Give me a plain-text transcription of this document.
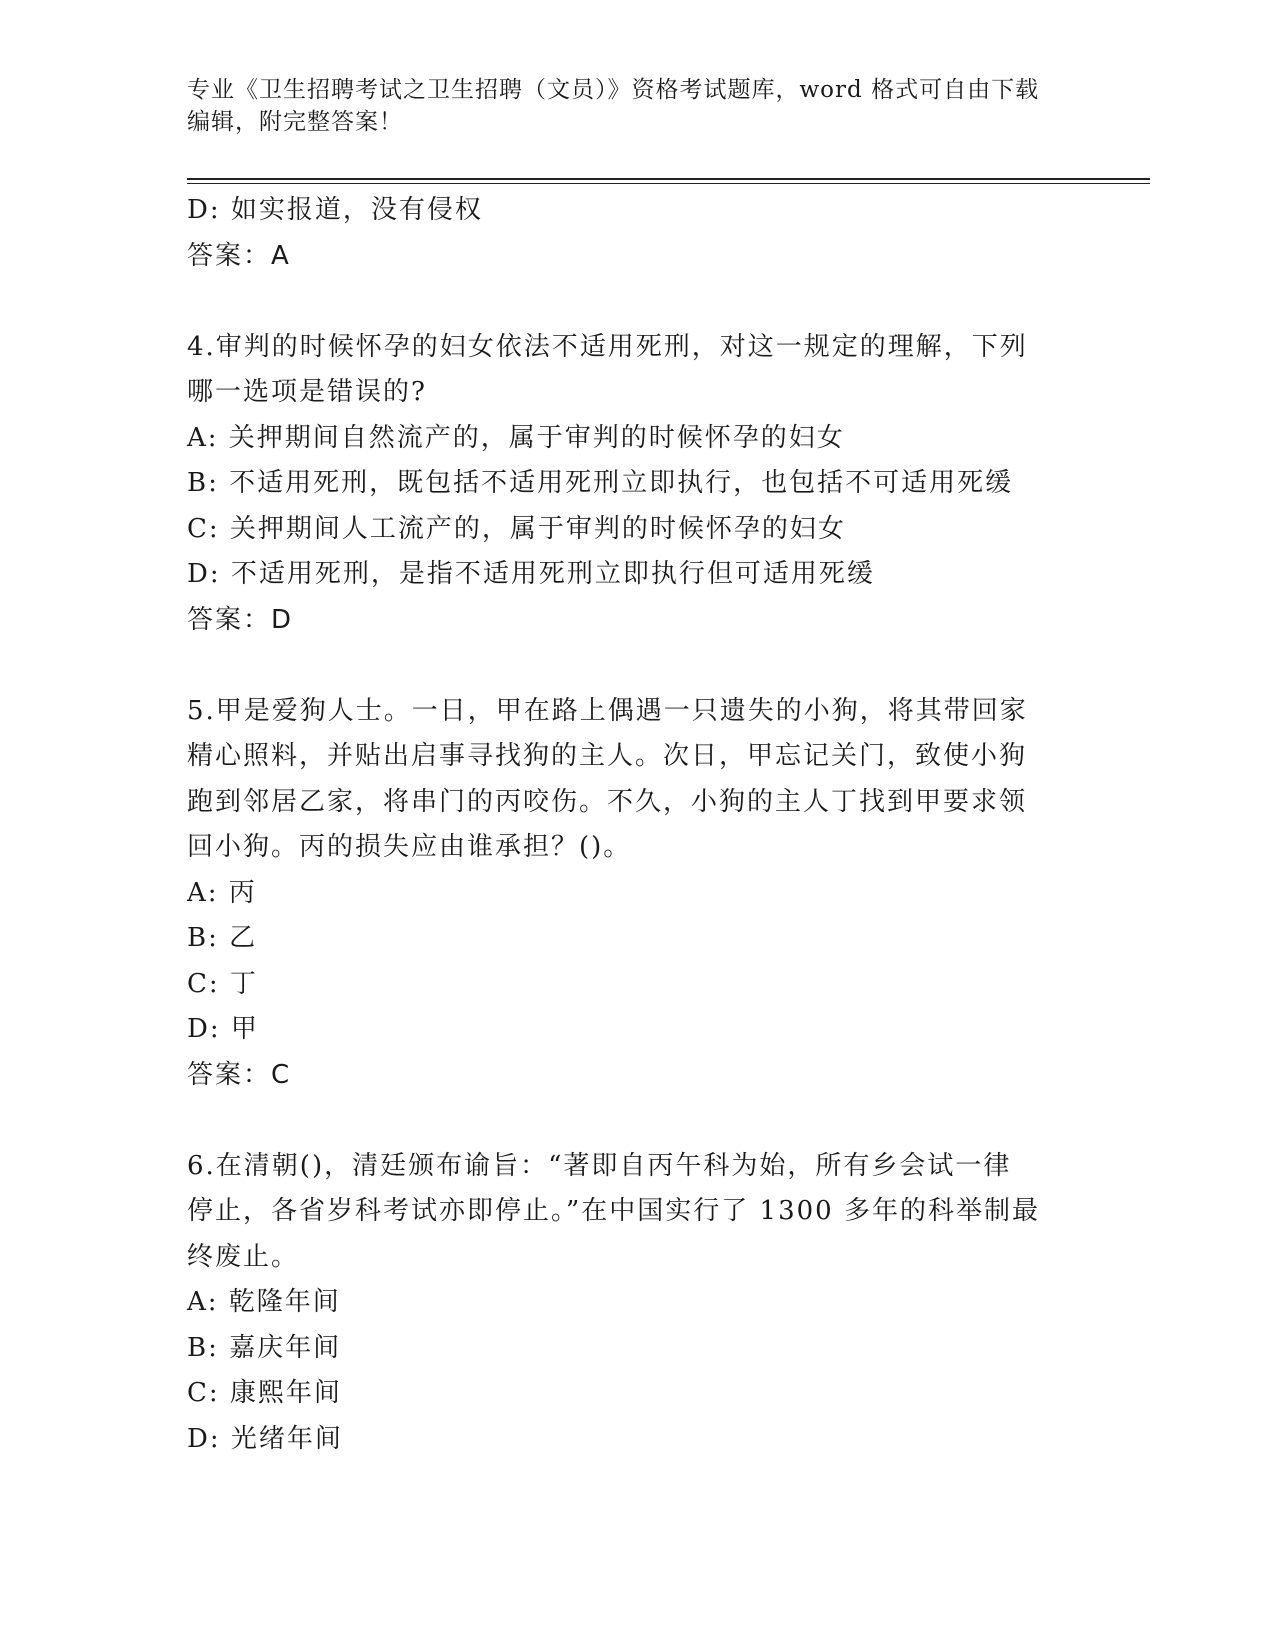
专业《卫生招聘考试之卫生招聘（文员）》资格考试题库，word 格式可自由下载
编辑，附完整答案！
D: 如实报道，没有侵权
答案：A
4.审判的时候怀孕的妇女依法不适用死刑，对这一规定的理解，下列
哪一选项是错误的?
A: 关押期间自然流产的，属于审判的时候怀孕的妇女
B: 不适用死刑，既包括不适用死刑立即执行，也包括不可适用死缓
C: 关押期间人工流产的，属于审判的时候怀孕的妇女
D: 不适用死刑，是指不适用死刑立即执行但可适用死缓
答案：D
5.甲是爱狗人士。一日，甲在路上偶遇一只遗失的小狗，将其带回家
精心照料，并贴出启事寻找狗的主人。次日，甲忘记关门，致使小狗
跑到邻居乙家，将串门的丙咬伤。不久，小狗的主人丁找到甲要求领
回小狗。丙的损失应由谁承担？()。
A: 丙
B: 乙
C: 丁
D: 甲
答案：C
6.在清朝()，清廷颁布谕旨：“著即自丙午科为始，所有乡会试一律
停止，各省岁科考试亦即停止。”在中国实行了 1300 多年的科举制最
终废止。
A: 乾隆年间
B: 嘉庆年间
C: 康熙年间
D: 光绪年间
